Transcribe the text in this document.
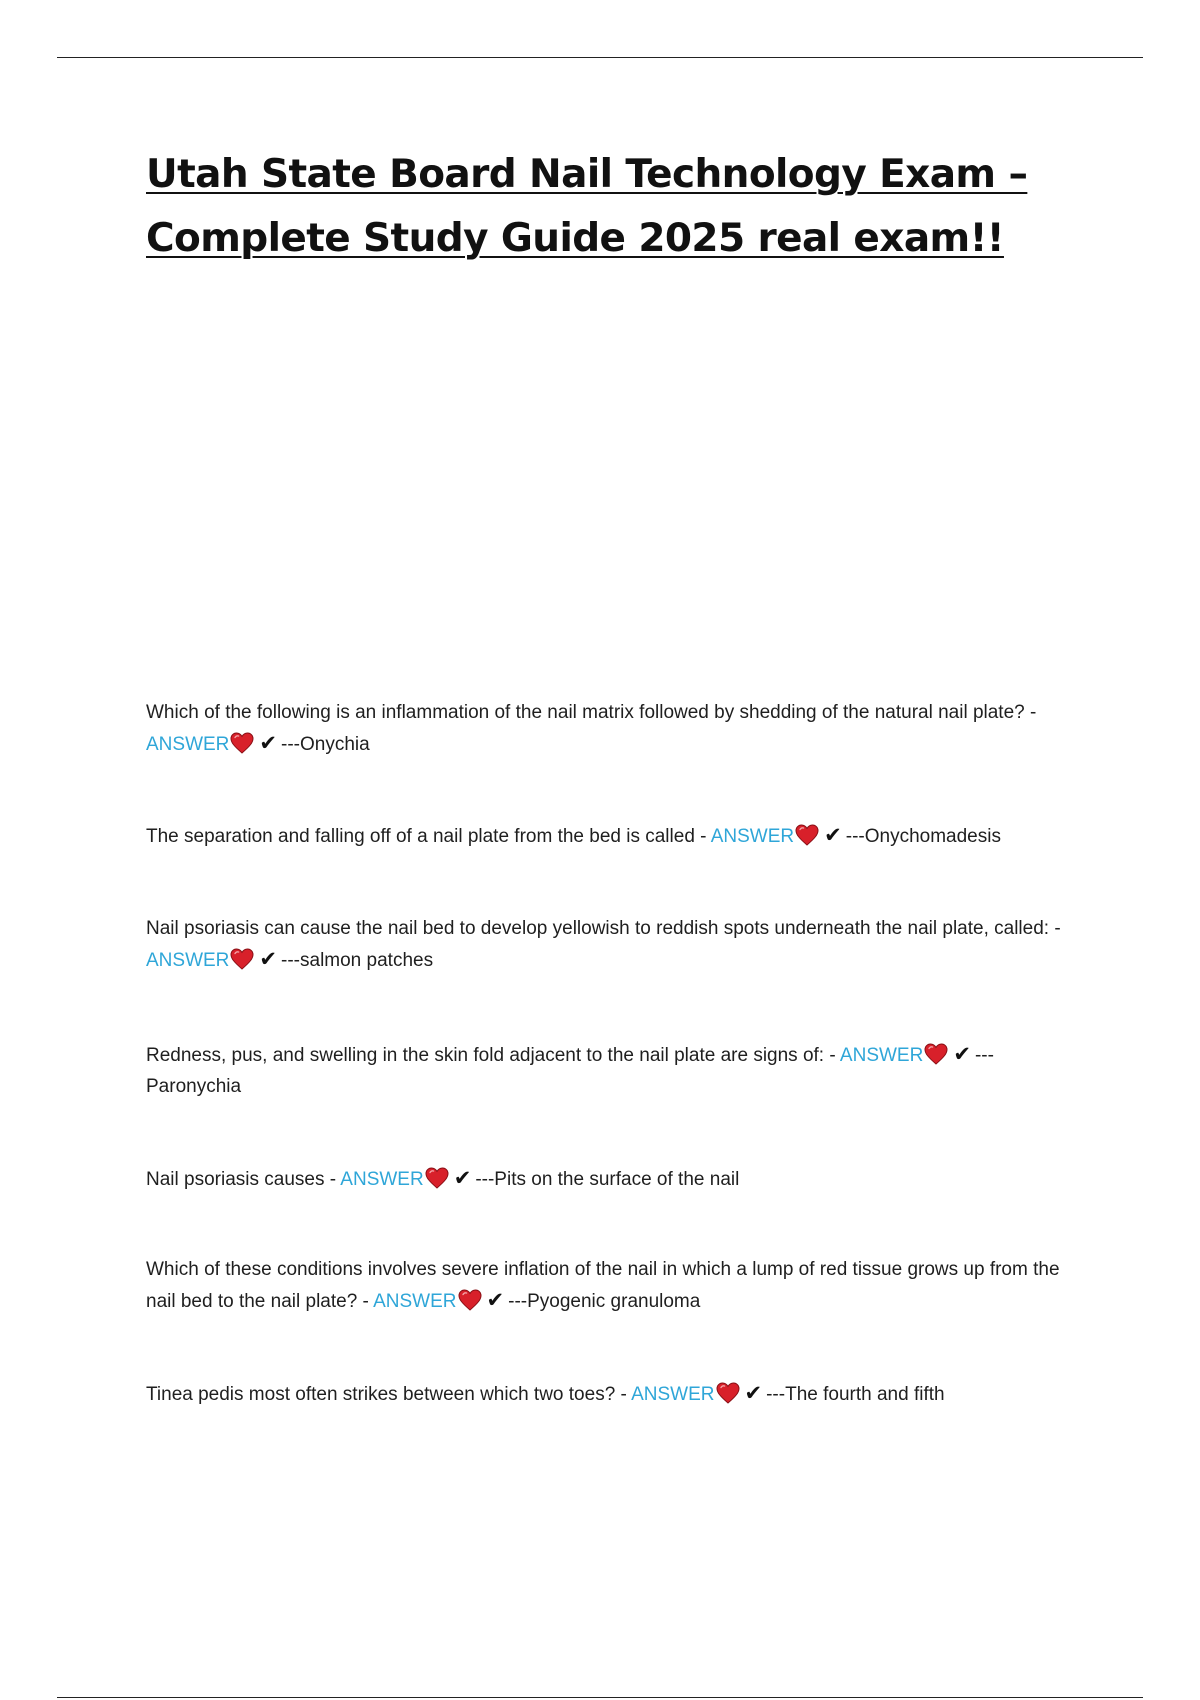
Utah State Board Nail Technology Exam –
Complete Study Guide 2025 real exam!!

Which of the following is an inflammation of the nail matrix followed by shedding of the natural nail plate? - ANSWER ✔ ---Onychia

The separation and falling off of a nail plate from the bed is called - ANSWER ✔ ---Onychomadesis

Nail psoriasis can cause the nail bed to develop yellowish to reddish spots underneath the nail plate, called: - ANSWER ✔ ---salmon patches

Redness, pus, and swelling in the skin fold adjacent to the nail plate are signs of: - ANSWER ✔ --- Paronychia

Nail psoriasis causes - ANSWER ✔ ---Pits on the surface of the nail

Which of these conditions involves severe inflation of the nail in which a lump of red tissue grows up from the nail bed to the nail plate? - ANSWER ✔ ---Pyogenic granuloma

Tinea pedis most often strikes between which two toes? - ANSWER ✔ ---The fourth and fifth
